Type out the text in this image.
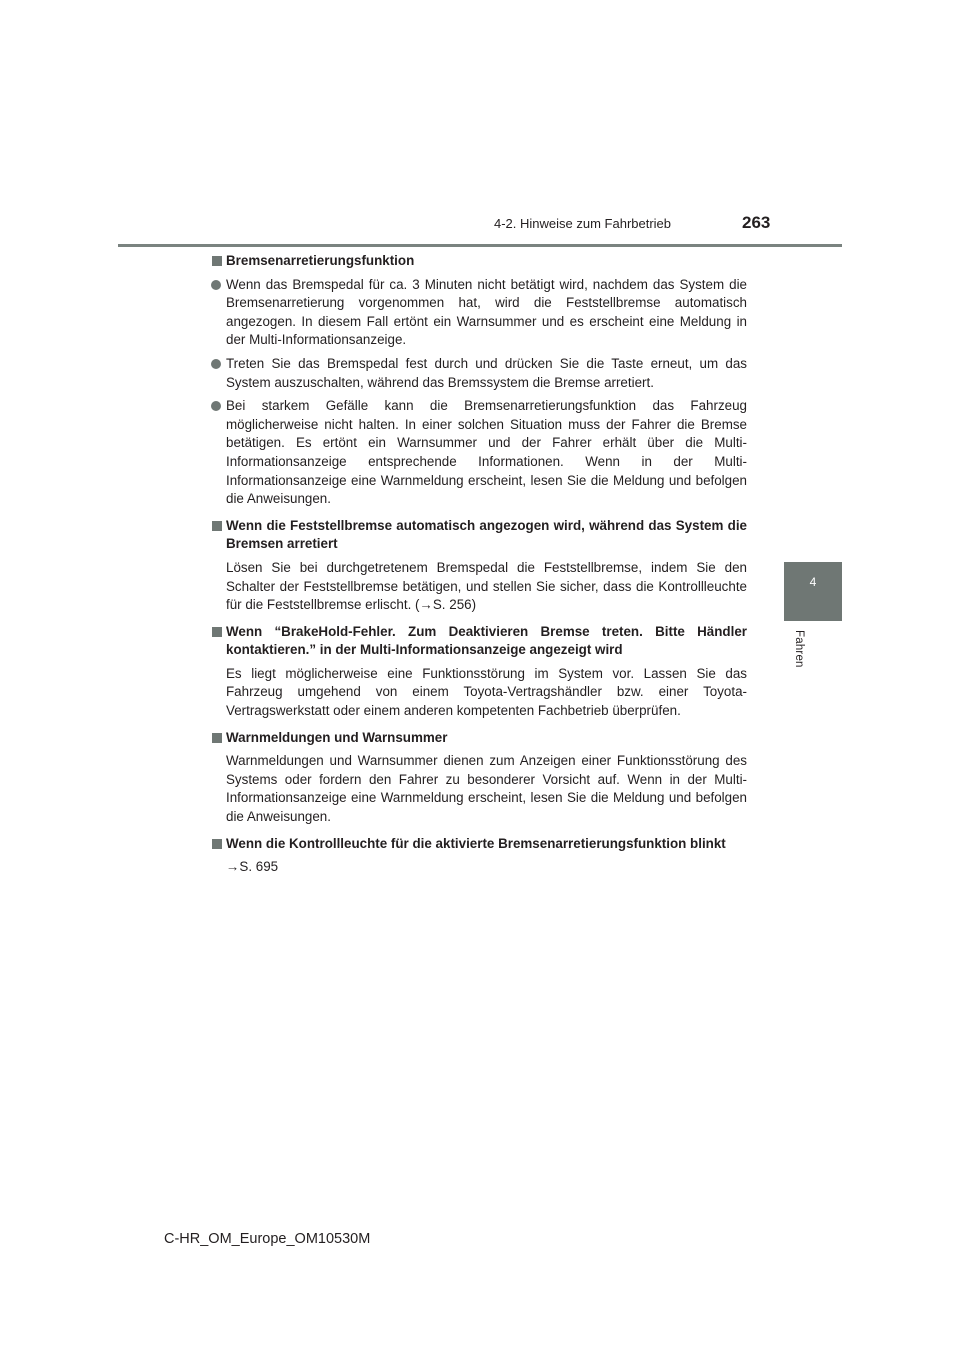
4-2. Hinweise zum Fahrbetrieb	263
4
Fahren
Bremsenarretierungsfunktion
Wenn das Bremspedal für ca. 3 Minuten nicht betätigt wird, nachdem das System die Bremsenarretierung vorgenommen hat, wird die Feststellbremse automatisch angezogen. In diesem Fall ertönt ein Warnsummer und es erscheint eine Meldung in der Multi-Informationsanzeige.
Treten Sie das Bremspedal fest durch und drücken Sie die Taste erneut, um das System auszuschalten, während das Bremssystem die Bremse arretiert.
Bei starkem Gefälle kann die Bremsenarretierungsfunktion das Fahrzeug möglicherweise nicht halten. In einer solchen Situation muss der Fahrer die Bremse betätigen. Es ertönt ein Warnsummer und der Fahrer erhält über die Multi-Informationsanzeige entsprechende Informationen. Wenn in der Multi-Informationsanzeige eine Warnmeldung erscheint, lesen Sie die Meldung und befolgen die Anweisungen.
Wenn die Feststellbremse automatisch angezogen wird, während das System die Bremsen arretiert
Lösen Sie bei durchgetretenem Bremspedal die Feststellbremse, indem Sie den Schalter der Feststellbremse betätigen, und stellen Sie sicher, dass die Kontrollleuchte für die Feststellbremse erlischt. (→S. 256)
Wenn “BrakeHold-Fehler. Zum Deaktivieren Bremse treten. Bitte Händler kontaktieren.” in der Multi-Informationsanzeige angezeigt wird
Es liegt möglicherweise eine Funktionsstörung im System vor. Lassen Sie das Fahrzeug umgehend von einem Toyota-Vertragshändler bzw. einer Toyota-Vertragswerkstatt oder einem anderen kompetenten Fachbetrieb überprüfen.
Warnmeldungen und Warnsummer
Warnmeldungen und Warnsummer dienen zum Anzeigen einer Funktionsstörung des Systems oder fordern den Fahrer zu besonderer Vorsicht auf. Wenn in der Multi-Informationsanzeige eine Warnmeldung erscheint, lesen Sie die Meldung und befolgen die Anweisungen.
Wenn die Kontrollleuchte für die aktivierte Bremsenarretierungsfunktion blinkt
→S. 695
C-HR_OM_Europe_OM10530M
